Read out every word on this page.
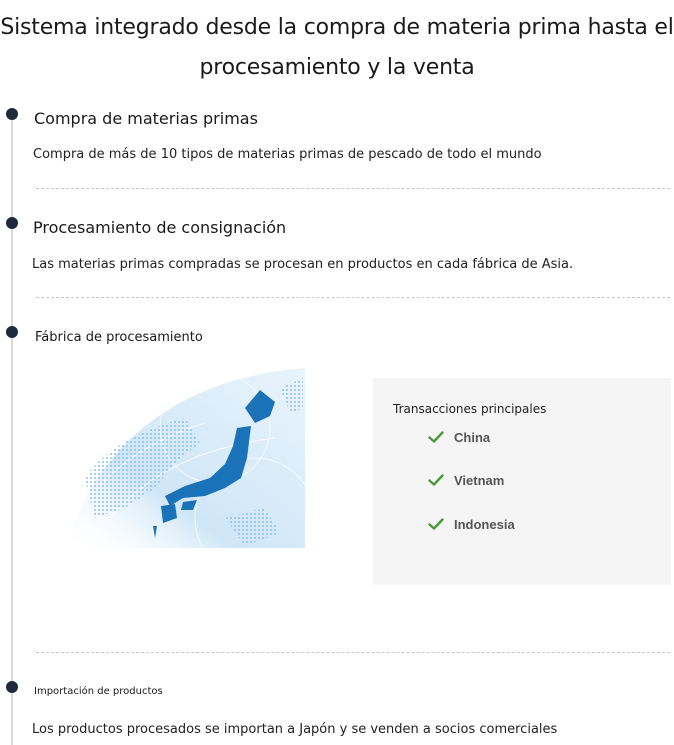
Sistema integrado desde la compra de materia prima hasta el
procesamiento y la venta
Compra de materias primas
Compra de más de 10 tipos de materias primas de pescado de todo el mundo
Procesamiento de consignación
Las materias primas compradas se procesan en productos en cada fábrica de Asia.
Fábrica de procesamiento
Transacciones principales
China
Vietnam
Indonesia
Importación de productos
Los productos procesados se importan a Japón y se venden a socios comerciales
